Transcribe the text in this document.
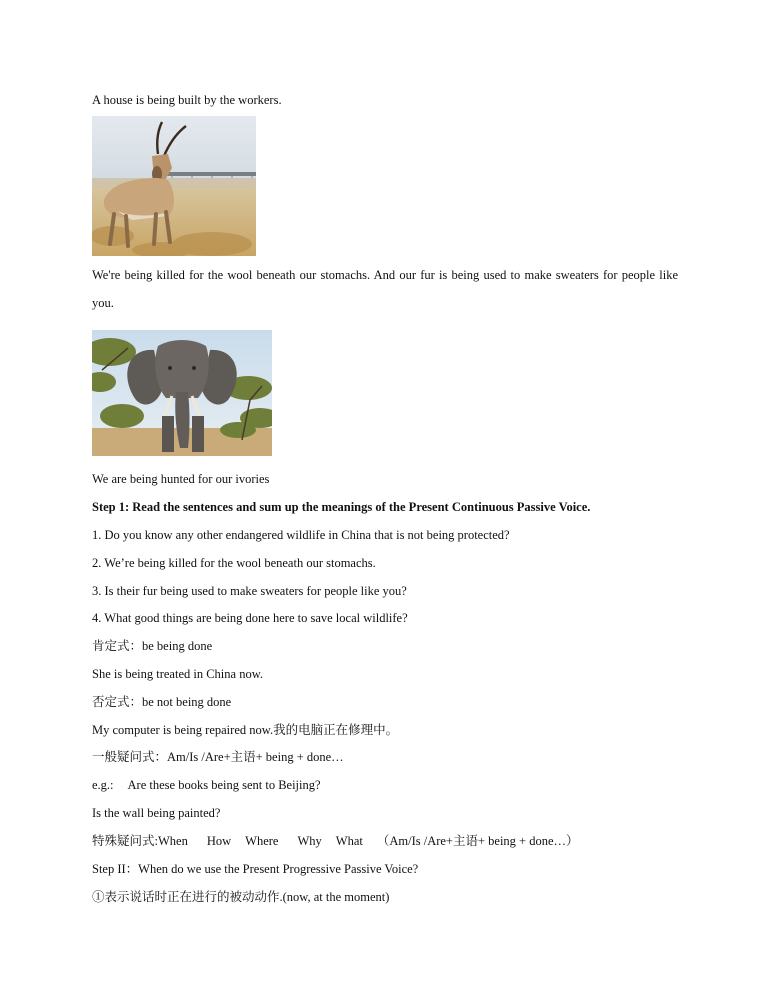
A house is being built by the workers.
We're being killed for the wool beneath our stomachs. And our fur is being used to make sweaters for people like you.
We are being hunted for our ivories
Step 1: Read the sentences and sum up the meanings of the Present Continuous Passive Voice.
1. Do you know any other endangered wildlife in China that is not being protected?
2. We’re being killed for the wool beneath our stomachs.
3. Is their fur being used to make sweaters for people like you?
4. What good things are being done here to save local wildlife?
肯定式：be being done
She is being treated in China now.
否定式：be not being done
My computer is being repaired now.我的电脑正在修理中。
一般疑问式：Am/Is /Are+主语+ being + done…
e.g.: Are these books being sent to Beijing?
Is the wall being painted?
特殊疑问式:When How Where Why What （Am/Is /Are+主语+ being + done…）
Step II：When do we use the Present Progressive Passive Voice?
①表示说话时正在进行的被动动作.(now, at the moment)
